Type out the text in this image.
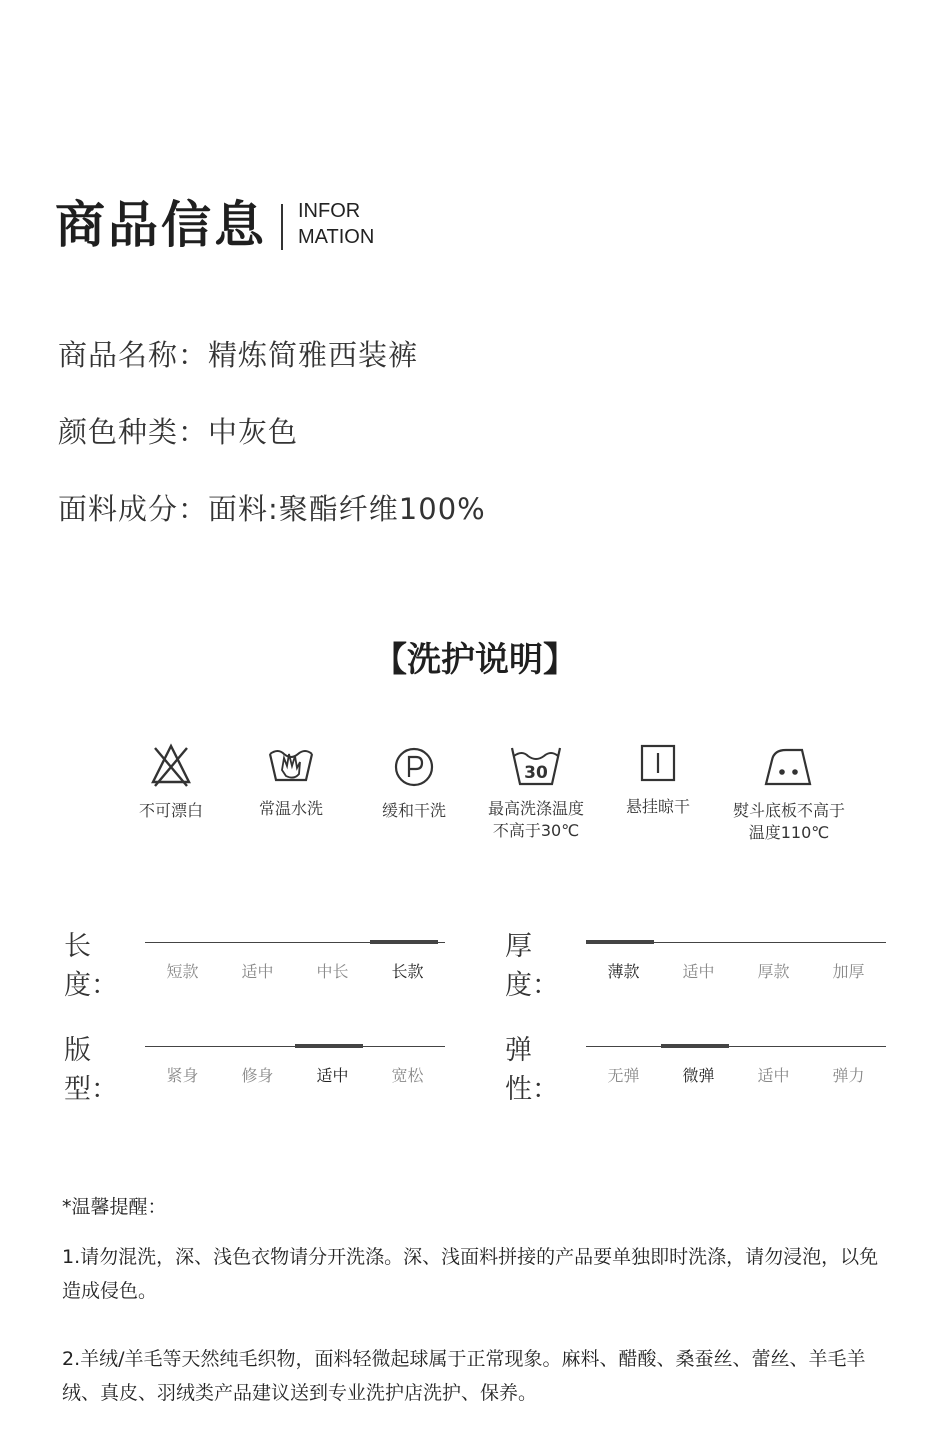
商品信息 INFOR
MATION
商品名称：精炼简雅西装裤
颜色种类：中灰色
面料成分：面料:聚酯纤维100%
【洗护说明】
不可漂白	常温水洗	缓和干洗
30
最高洗涤温度
不高于30℃
悬挂晾干	熨斗底板不高于
温度110℃
长度：	短款	适中	中长	长款
厚度：	薄款	适中	厚款	加厚
版型：	紧身	修身	适中	宽松
弹性：	无弹	微弹	适中	弹力
*温馨提醒：
1.请勿混洗，深、浅色衣物请分开洗涤。深、浅面料拼接的产品要单独即时洗涤，请勿浸泡，以免造成侵色。
2.羊绒/羊毛等天然纯毛织物，面料轻微起球属于正常现象。麻料、醋酸、桑蚕丝、蕾丝、羊毛羊绒、真皮、羽绒类产品建议送到专业洗护店洗护、保养。
